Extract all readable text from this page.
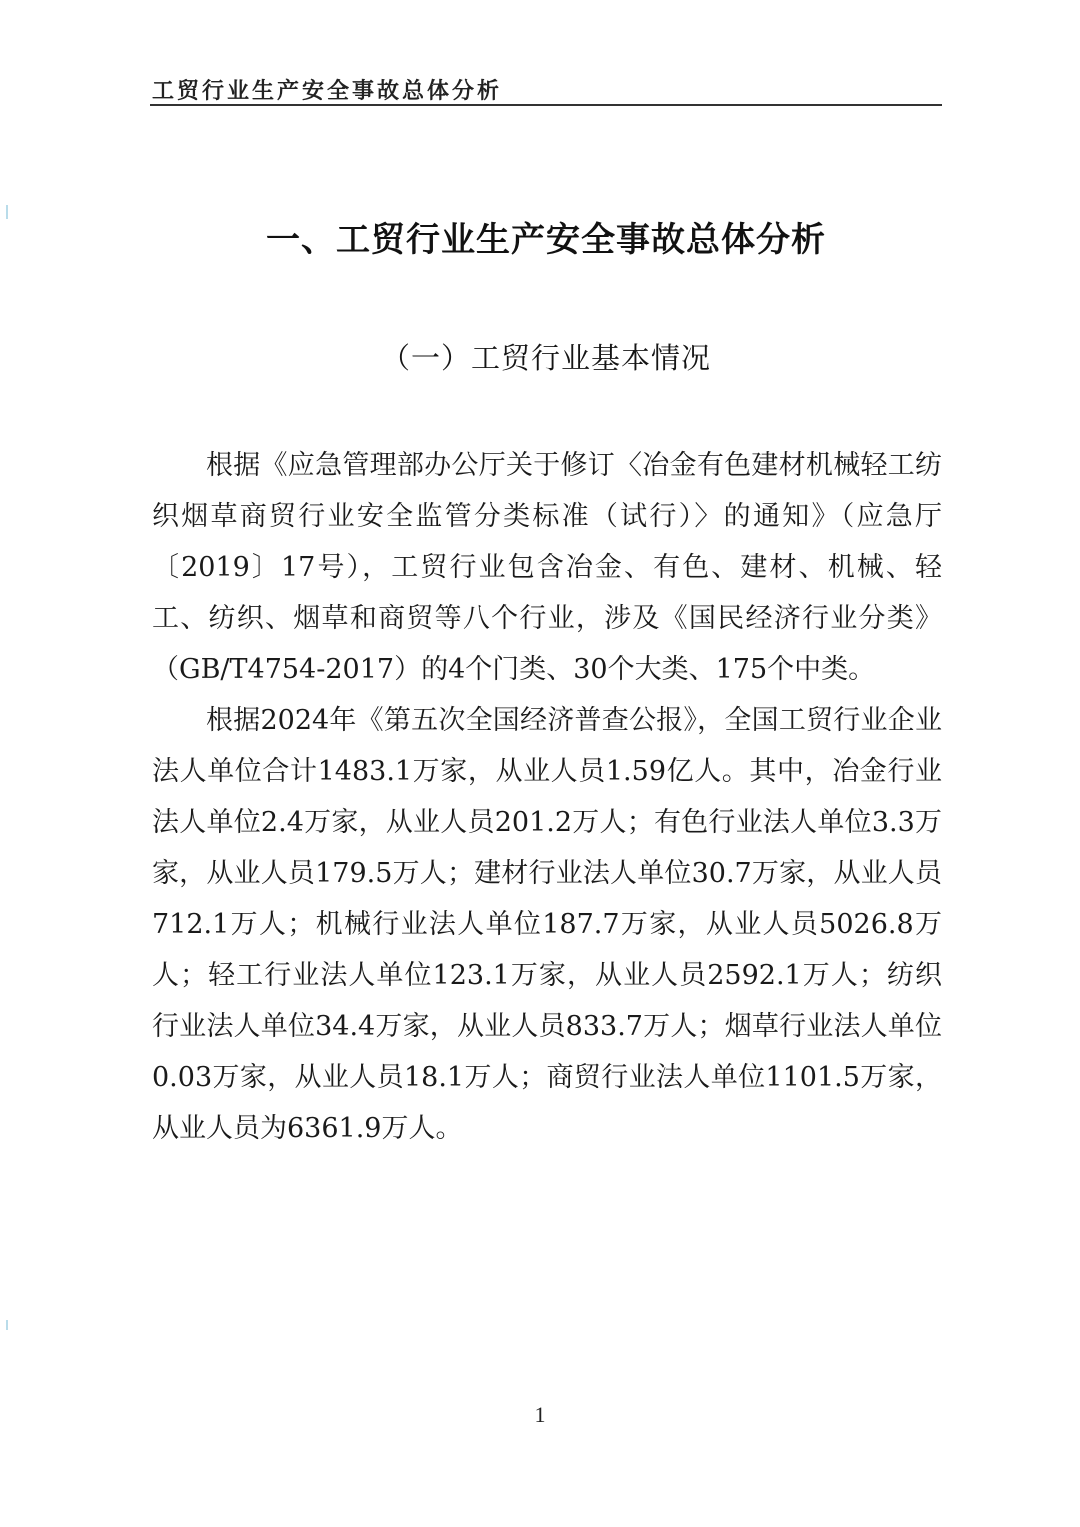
工贸行业生产安全事故总体分析
一、工贸行业生产安全事故总体分析
（一）工贸行业基本情况

根据《应急管理部办公厅关于修订〈冶金有色建材机械轻工纺织烟草商贸行业安全监管分类标准（试行）〉的通知》（应急厅〔2019〕17号），工贸行业包含冶金、有色、建材、机械、轻工、纺织、烟草和商贸等八个行业，涉及《国民经济行业分类》（GB/T4754-2017）的4个门类、30个大类、175个中类。

根据2024年《第五次全国经济普查公报》，全国工贸行业企业法人单位合计1483.1万家，从业人员1.59亿人。其中，冶金行业法人单位2.4万家，从业人员201.2万人；有色行业法人单位3.3万家，从业人员179.5万人；建材行业法人单位30.7万家，从业人员712.1万人；机械行业法人单位187.7万家，从业人员5026.8万人；轻工行业法人单位123.1万家，从业人员2592.1万人；纺织行业法人单位34.4万家，从业人员833.7万人；烟草行业法人单位0.03万家，从业人员18.1万人；商贸行业法人单位1101.5万家，从业人员为6361.9万人。

1
